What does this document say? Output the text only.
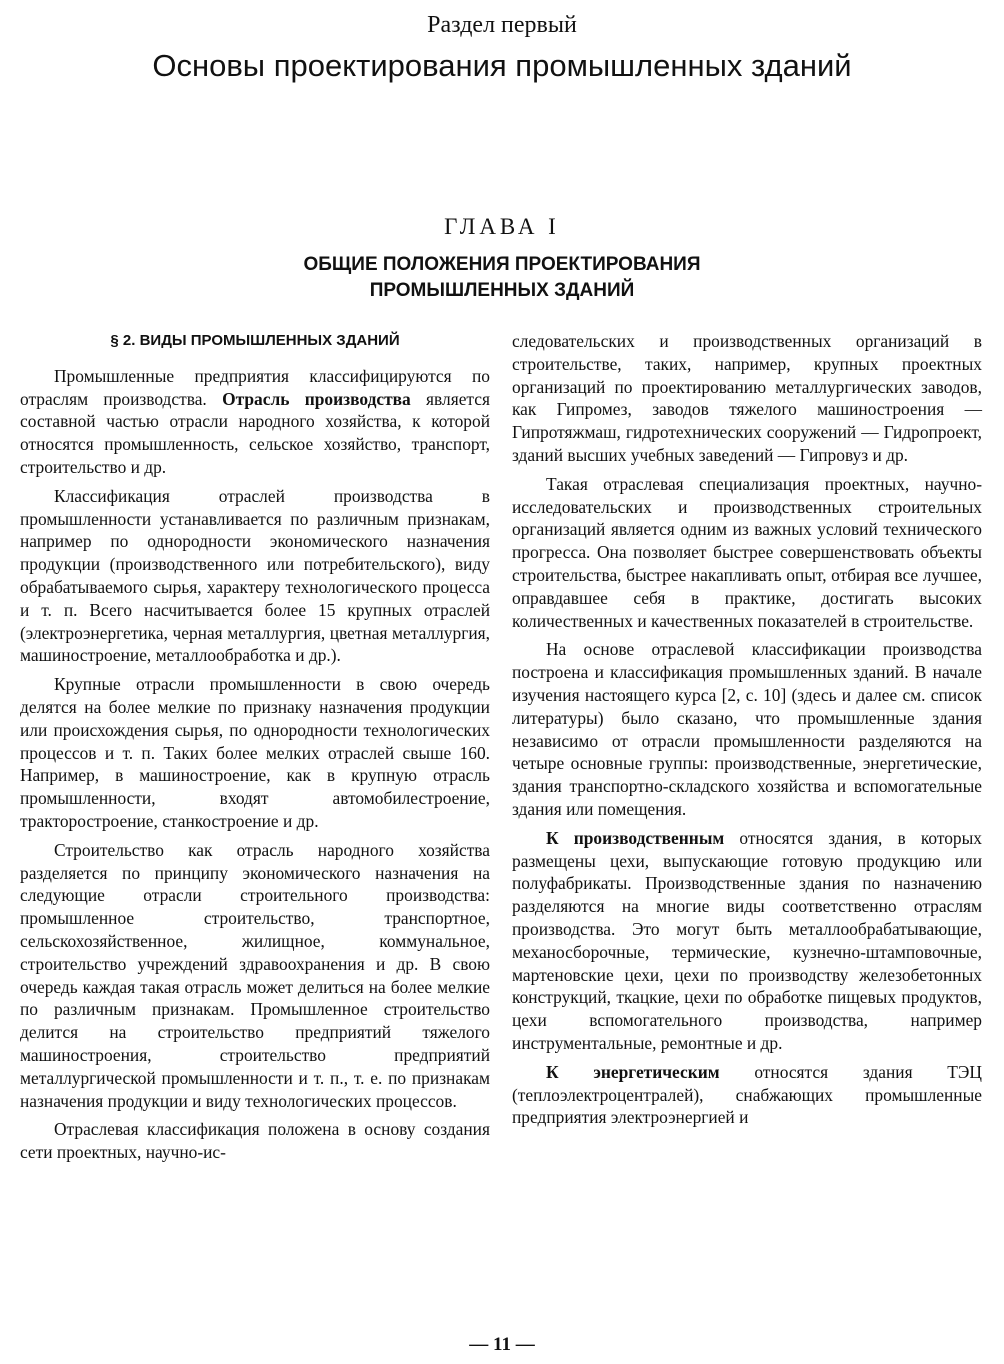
Раздел первый
Основы проектирования промышленных зданий
ГЛАВА I
ОБЩИЕ ПОЛОЖЕНИЯ ПРОЕКТИРОВАНИЯ
ПРОМЫШЛЕННЫХ ЗДАНИЙ
§ 2. ВИДЫ ПРОМЫШЛЕННЫХ ЗДАНИЙ

Промышленные предприятия классифицируются по отраслям производства. Отрасль производства является составной частью отрасли народного хозяйства, к которой относятся промышленность, сельское хозяйство, транспорт, строительство и др.

Классификация отраслей производства в промышленности устанавливается по различным признакам, например по однородности экономического назначения продукции (производственного или потребительского), виду обрабатываемого сырья, характеру технологического процесса и т. п. Всего насчитывается более 15 крупных отраслей (электроэнергетика, черная металлургия, цветная металлургия, машиностроение, металлообработка и др.).

Крупные отрасли промышленности в свою очередь делятся на более мелкие по признаку назначения продукции или происхождения сырья, по однородности технологических процессов и т. п. Таких более мелких отраслей свыше 160. Например, в машиностроение, как в крупную отрасль промышленности, входят автомобилестроение, тракторостроение, станкостроение и др.

Строительство как отрасль народного хозяйства разделяется по принципу экономического назначения на следующие отрасли строительного производства: промышленное строительство, транспортное, сельскохозяйственное, жилищное, коммунальное, строительство учреждений здравоохранения и др. В свою очередь каждая такая отрасль может делиться на более мелкие по различным признакам. Промышленное строительство делится на строительство предприятий тяжелого машиностроения, строительство предприятий металлургической промышленности и т. п., т. е. по признакам назначения продукции и виду технологических процессов.

Отраслевая классификация положена в основу создания сети проектных, научно-ис-

следовательских и производственных организаций в строительстве, таких, например, крупных проектных организаций по проектированию металлургических заводов, как Гипромез, заводов тяжелого машиностроения — Гипротяжмаш, гидротехнических сооружений — Гидропроект, зданий высших учебных заведений — Гипровуз и др.

Такая отраслевая специализация проектных, научно-исследовательских и производственных строительных организаций является одним из важных условий технического прогресса. Она позволяет быстрее совершенствовать объекты строительства, быстрее накапливать опыт, отбирая все лучшее, оправдавшее себя в практике, достигать высоких количественных и качественных показателей в строительстве.

На основе отраслевой классификации производства построена и классификация промышленных зданий. В начале изучения настоящего курса [2, с. 10] (здесь и далее см. список литературы) было сказано, что промышленные здания независимо от отрасли промышленности разделяются на четыре основные группы: производственные, энергетические, здания транспортно-складского хозяйства и вспомогательные здания или помещения.

К производственным относятся здания, в которых размещены цехи, выпускающие готовую продукцию или полуфабрикаты. Производственные здания по назначению разделяются на многие виды соответственно отраслям производства. Это могут быть металлообрабатывающие, механосборочные, термические, кузнечно-штамповочные, мартеновские цехи, цехи по производству железобетонных конструкций, ткацкие, цехи по обработке пищевых продуктов, цехи вспомогательного производства, например инструментальные, ремонтные и др.

К энергетическим относятся здания ТЭЦ (теплоэлектроцентралей), снабжающих промышленные предприятия электроэнергией и

— 11 —
